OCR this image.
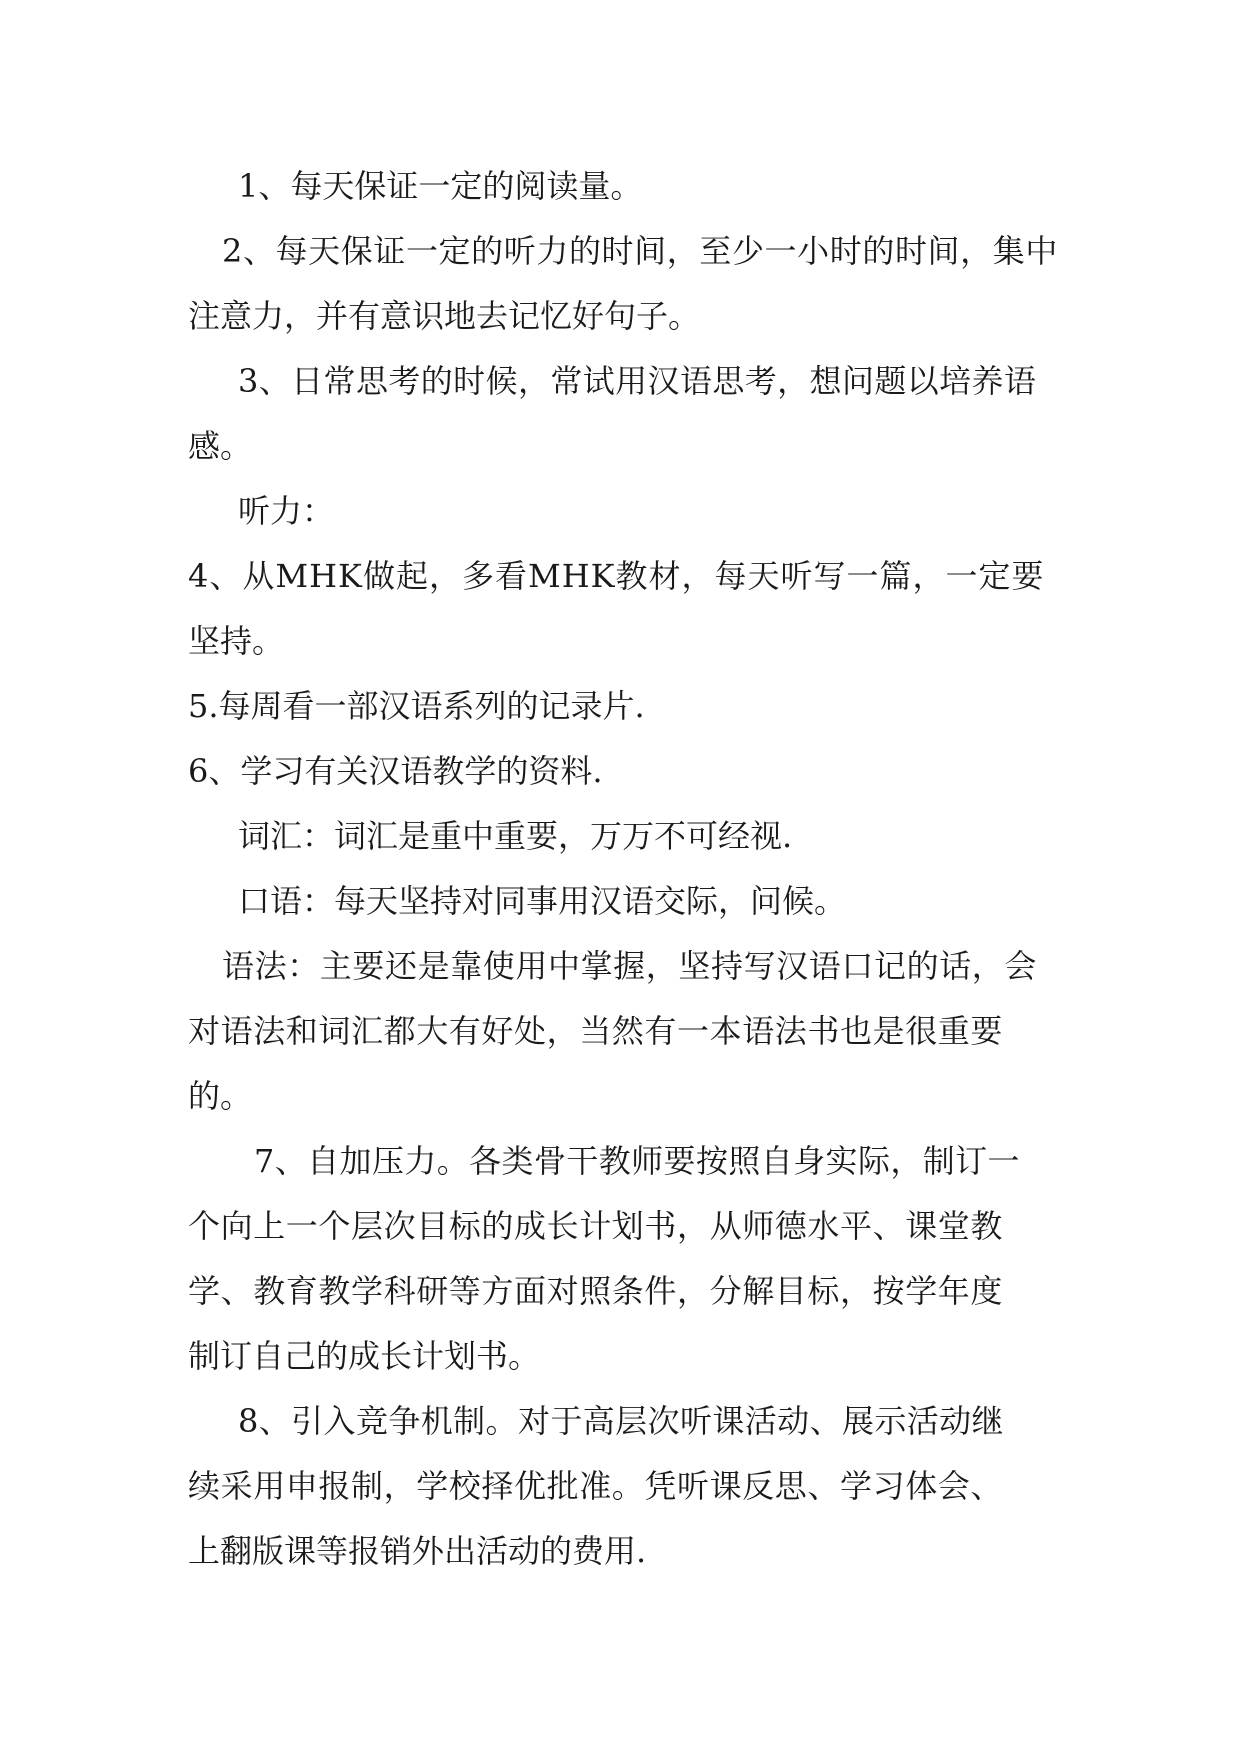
1、每天保证一定的阅读量。

2、每天保证一定的听力的时间，至少一小时的时间，集中

注意力，并有意识地去记忆好句子。

3、日常思考的时候，常试用汉语思考，想问题以培养语

感。

听力：

4、从MHK做起，多看MHK教材，每天听写一篇，一定要

坚持。

5.每周看一部汉语系列的记录片.

6、学习有关汉语教学的资料.

词汇：词汇是重中重要，万万不可经视.

口语：每天坚持对同事用汉语交际，问候。

语法：主要还是靠使用中掌握，坚持写汉语口记的话，会

对语法和词汇都大有好处，当然有一本语法书也是很重要

的。

7、自加压力。各类骨干教师要按照自身实际，制订一

个向上一个层次目标的成长计划书，从师德水平、课堂教

学、教育教学科研等方面对照条件，分解目标，按学年度

制订自己的成长计划书。

8、引入竞争机制。对于高层次听课活动、展示活动继

续采用申报制，学校择优批准。凭听课反思、学习体会、

上翻版课等报销外出活动的费用.
